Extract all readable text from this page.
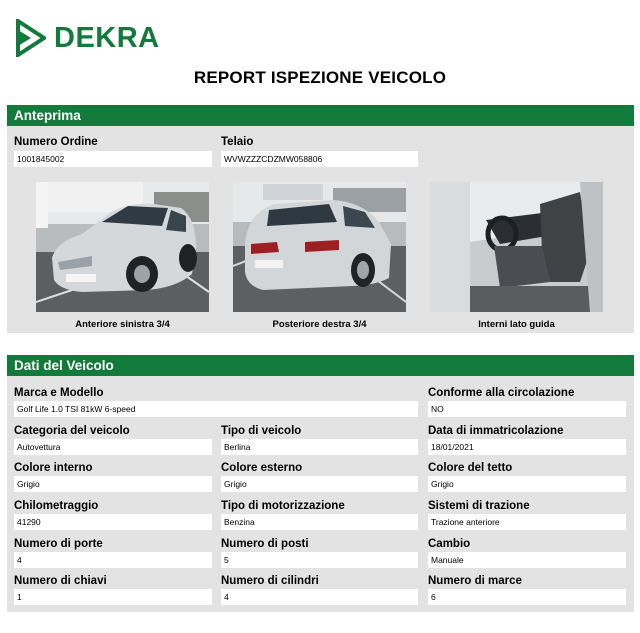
DEKRA
REPORT ISPEZIONE VEICOLO
Anteprima
Numero Ordine
1001845002
Telaio
WVWZZZCDZMW058806
Anteriore sinistra 3/4	Posteriore destra 3/4	Interni lato guida
Dati del Veicolo
Marca e Modello
Golf Life 1.0 TSI 81kW 6-speed
Conforme alla circolazione
NO
Categoria del veicolo
Autovettura
Tipo di veicolo
Berlina
Data di immatricolazione
18/01/2021
Colore interno
Grigio
Colore esterno
Grigio
Colore del tetto
Grigio
Chilometraggio
41290
Tipo di motorizzazione
Benzina
Sistemi di trazione
Trazione anteriore
Numero di porte
4
Numero di posti
5
Cambio
Manuale
Numero di chiavi
1
Numero di cilindri
4
Numero di marce
6
